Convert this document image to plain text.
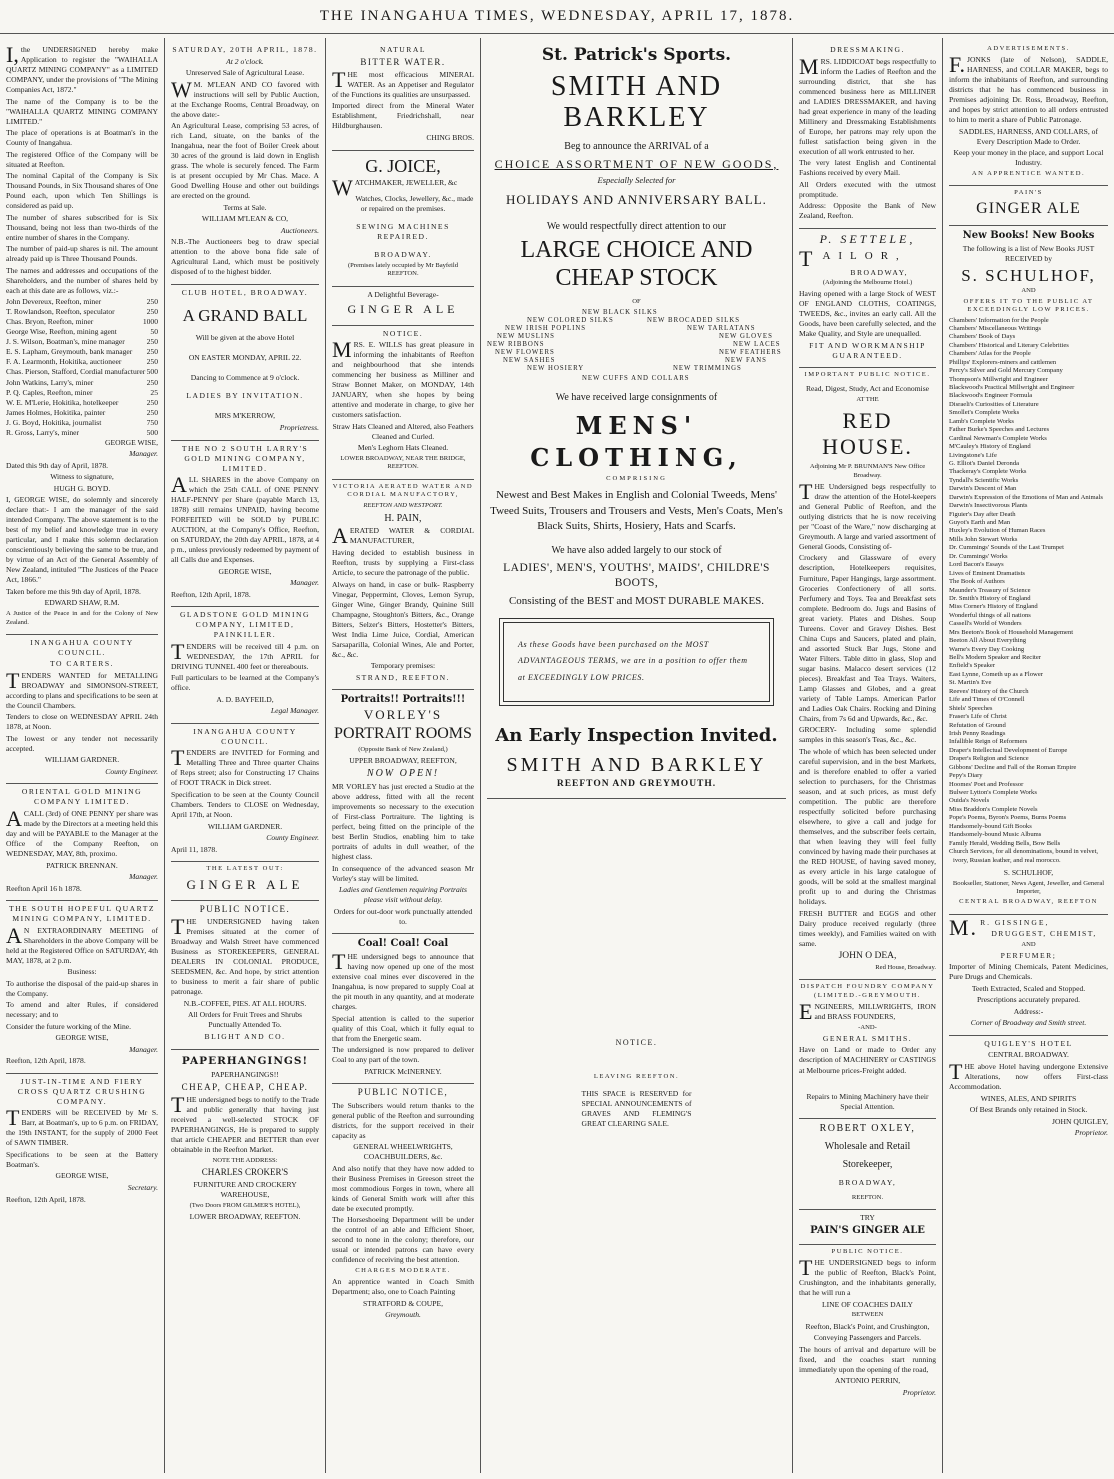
THE INANGAHUA TIMES, WEDNESDAY, APRIL 17, 1878.

I,the UNDERSIGNED hereby make Application to register the "WAIHALLA QUARTZ MINING COMPANY" as a LIMITED COMPANY, under the provisions of "The Mining Companies Act, 1872."

The name of the Company is to be the "WAIHALLA QUARTZ MINING COMPANY LIMITED."

The place of operations is at Boatman's in the County of Inangahua.

The registered Office of the Company will be situated at Reefton.

The nominal Capital of the Company is Six Thousand Pounds, in Six Thousand shares of One Pound each, upon which Ten Shillings is considered as paid up.

The number of shares subscribed for is Six Thousand, being not less than two-thirds of the entire number of shares in the Company.

The number of paid-up shares is nil. The amount already paid up is Three Thousand Pounds.

The names and addresses and occupations of the Shareholders, and the number of shares held by each at this date are as follows, viz.:-

John Devereux, Reefton, miner	250
T. Rowlandson, Reefton, speculator	250
Chas. Bryon, Reefton, miner	1000
George Wise, Reefton, mining agent	50
J. S. Wilson, Boatman's, mine manager	250
E. S. Lapham, Greymouth, bank manager 250
F. A. Learmonth, Hokitika, auctioneer	250
Chas. Pierson, Stafford, Cordial manufacturer 500
John Watkins, Larry's, miner	250
P. Q. Caples, Reefton, miner	25
W. E. M'Lerie, Hokitika, hotelkeeper	250
James Holmes, Hokitika, painter	250
J. G. Boyd, Hokitika, journalist	750
R. Gross, Larry's, miner	500

GEORGE WISE,

Manager.

Dated this 9th day of April, 1878.

Witness to signature,

HUGH G. BOYD.

I, GEORGE WISE, do solemnly and sincerely declare that:- I am the manager of the said intended Company. The above statement is to the best of my belief and knowledge true in every particular, and I make this solemn declaration conscientiously believing the same to be true, and by virtue of an Act of the General Assembly of New Zealand, intituled "The Justices of the Peace Act, 1866."

Taken before me this 9th day of April, 1878.

EDWARD SHAW, R.M.

A Justice of the Peace in and for the Colony of New Zealand.

INANGAHUA COUNTY COUNCIL.

TO CARTERS.

TENDERS WANTED for METALLING BROADWAY and SIMONSON-STREET, according to plans and specifications to be seen at the Council Chambers.

Tenders to close on WEDNESDAY APRIL 24th 1878, at Noon.

The lowest or any tender not necessarily accepted.

WILLIAM GARDNER.

County Engineer.

ORIENTAL GOLD MINING COMPANY LIMITED.

ACALL (3rd) of ONE PENNY per share was made by the Directors at a meeting held this day and will be PAYABLE to the Manager at the Office of the Company Reefton, on WEDNESDAY, MAY, 8th, proximo.

PATRICK BRENNAN.

Manager.

Reefton April 16 h 1878.

THE SOUTH HOPEFUL QUARTZ MINING COMPANY, LIMITED.

AN EXTRAORDINARY MEETING of Shareholders in the above Company will be held at the Registered Office on SATURDAY, 4th MAY, 1878, at 2 p.m.

Business:

To authorise the disposal of the paid-up shares in the Company.

To amend and alter Rules, if considered necessary; and to

Consider the future working of the Mine.

GEORGE WISE,

Manager.

Reefton, 12th April, 1878.

JUST-IN-TIME AND FIERY CROSS QUARTZ CRUSHING COMPANY.

TENDERS will be RECEIVED by Mr S. Barr, at Boatman's, up to 6 p.m. on FRIDAY, the 19th INSTANT, for the supply of 2000 Feet of SAWN TIMBER.

Specifications to be seen at the Battery Boatman's.

GEORGE WISE,

Secretary.

Reefton, 12th April, 1878.

SATURDAY, 20TH APRIL, 1878.

At 2 o'clock.

Unreserved Sale of Agricultural Lease.

WM. M'LEAN AND CO favored with instructions will sell by Public Auction, at the Exchange Rooms, Central Broadway, on the above date:-

An Agricultural Lease, comprising 53 acres, of rich Land, situate, on the banks of the Inangahua, near the foot of Boiler Creek about 30 acres of the ground is laid down in English grass. The whole is securely fenced. The Farm is at present occupied by Mr Chas. Mace. A Good Dwelling House and other out buildings are erected on the ground.

Terms at Sale.

WILLIAM M'LEAN & CO,

Auctioneers.

N.B.-The Auctioneers beg to draw special attention to the above bona fide sale of Agricultural Land, which must be positively disposed of to the highest bidder.

CLUB HOTEL, BROADWAY.

A GRAND BALL

Will be given at the above Hotel

ON EASTER MONDAY, APRIL 22.

Dancing to Commence at 9 o'clock.

LADIES BY INVITATION.

MRS M'KERROW,

Proprietress.

THE NO 2 SOUTH LARRY'S GOLD MINING COMPANY, LIMITED.

ALL SHARES in the above Company on which the 25th CALL of ONE PENNY HALF-PENNY per Share (payable March 13, 1878) still remains UNPAID, having become FORFEITED will be SOLD by PUBLIC AUCTION, at the Company's Office, Reefton, on SATURDAY, the 20th day APRIL, 1878, at 4 p m., unless previously redeemed by payment of all Calls due and Expenses.

GEORGE WISE,

Manager.

Reefton, 12th April, 1878.

GLADSTONE GOLD MINING COMPANY, LIMITED, PAINKILLER.

TENDERS will be received till 4 p.m. on WEDNESDAY, the 17th APRIL for DRIVING TUNNEL 400 feet or thereabouts.

Full particulars to be learned at the Company's office.

A. D. BAYFEILD,

Legal Manager.

INANGAHUA COUNTY COUNCIL.

TENDERS are INVITED for Forming and Metalling Three and Three quarter Chains of Reps street; also for Constructing 17 Chains of FOOT TRACK in Dick street.

Specification to be seen at the County Council Chambers. Tenders to CLOSE on Wednesday, April 17th, at Noon.

WILLIAM GARDNER.

County Engineer.

April 11, 1878.

THE LATEST OUT:

GINGER ALE

PUBLIC NOTICE.

THE UNDERSIGNED having taken Premises situated at the corner of Broadway and Walsh Street have commenced Business as STOREKEEPERS, GENERAL DEALERS IN COLONIAL PRODUCE, SEEDSMEN, &c. And hope, by strict attention to business to merit a fair share of public patronage.

N.B.-COFFEE, PIES. AT ALL HOURS.

All Orders for Fruit Trees and Shrubs Punctually Attended To.

BLIGHT AND CO.

PAPERHANGINGS!

PAPERHANGINGS!!

CHEAP, CHEAP, CHEAP.

THE undersigned begs to notify to the Trade and public generally that having just received a well-selected STOCK OF PAPERHANGINGS, He is prepared to supply that article CHEAPER and BETTER than ever obtainable in the Reefton Market.

NOTE THE ADDRESS:

CHARLES CROKER'S

FURNITURE AND CROCKERY WAREHOUSE,

(Two Doors FROM GILMER'S HOTEL),

LOWER BROADWAY, REEFTON.

NATURAL

BITTER WATER.

THE most efficacious MINERAL WATER. As an Appetiser and Regulator of the Functions its qualities are unsurpassed.

Imported direct from the Mineral Water Establishment, Friedrichshall, near Hildburghausen.

CHING BROS.

G. JOICE,

WATCHMAKER, JEWELLER, &c

Watches, Clocks, Jewellery, &c., made or repaired on the premises.

SEWING MACHINES REPAIRED.

BROADWAY.

(Premises lately occupied by Mr Bayfeild REEFTON.

A Delightful Beverage-

GINGER ALE

NOTICE.

MRS. E. WILLS has great pleasure in informing the inhabitants of Reefton and neighbourhood that she intends commencing her business as Milliner and Straw Bonnet Maker, on MONDAY, 14th JANUARY, when she hopes by being attentive and moderate in charge, to give her customers satisfaction.

Straw Hats Cleaned and Altered, also Feathers Cleaned and Curled.

Men's Leghorn Hats Cleaned.

LOWER BROADWAY, NEAR THE BRIDGE, REEFTON.

VICTORIA AERATED WATER AND CORDIAL MANUFACTORY,

REEFTON AND WESTPORT.

H. PAIN,

AERATED WATER & CORDIAL MANUFACTURER,

Having decided to establish business in Reefton, trusts by supplying a First-class Article, to secure the patronage of the public.

Always on hand, in case or bulk- Raspberry Vinegar, Peppermint, Cloves, Lemon Syrup, Ginger Wine, Ginger Brandy, Quinine Still Champagne, Stoughton's Bitters, &c., Orange Bitters, Selzer's Bitters, Hostetter's Bitters, West India Lime Juice, Cordial, American Sarsaparilla, Colonial Wines, Ale and Porter, &c., &c.

Temporary premises:

STRAND, REEFTON.

Portraits!! Portraits!!!

VORLEY'S
PORTRAIT ROOMS

(Opposite Bank of New Zealand,)

UPPER BROADWAY, REEFTON,

NOW OPEN!

MR VORLEY has just erected a Studio at the above address, fitted with all the recent improvements so necessary to the execution of First-class Portraiture. The lighting is perfect, being fitted on the principle of the best Berlin Studios, enabling him to take portraits of adults in dull weather, of the highest class.

In consequence of the advanced season Mr Vorley's stay will be limited.

Ladies and Gentlemen requiring Portraits please visit without delay.

Orders for out-door work punctually attended to.

Coal! Coal! Coal

THE undersigned begs to announce that having now opened up one of the most extensive coal mines ever discovered in the Inangahua, is now prepared to supply Coal at the pit mouth in any quantity, and at moderate charges.

Special attention is called to the superior quality of this Coal, which it fully equal to that from the Energetic seam.

The undersigned is now prepared to deliver Coal to any part of the town.

PATRICK McINERNEY.

PUBLIC NOTICE,

The Subscribers would return thanks to the general public of the Reefton and surrounding districts, for the support received in their capacity as

GENERAL WHEELWRIGHTS, COACHBUILDERS, &c.

And also notify that they have now added to their Business Premises in Greeson street the most commodious Forges in town, where all kinds of General Smith work will after this date be executed promptly.

The Horseshoeing Department will be under the control of an able and Efficient Shoer, second to none in the colony; therefore, our usual or intended patrons can have every confidence of receiving the best attention.

CHARGES MODERATE.

An apprentice wanted in Coach Smith Department; also, one to Coach Painting

STRATFORD & COUPE,

Greymouth.

St. Patrick's Sports.
SMITH AND BARKLEY

Beg to announce the ARRIVAL of a

CHOICE ASSORTMENT OF NEW GOODS,

Especially Selected for

HOLIDAYS AND ANNIVERSARY BALL.

We would respectfully direct attention to our

LARGE CHOICE AND CHEAP STOCK

OF

NEW BLACK SILKS
NEW COLORED SILKS	NEW BROCADED SILKS
NEW IRISH POPLINS	NEW TARLATANS
NEW MUSLINS	NEW GLOVES
NEW RIBBONS	NEW LACES
NEW FLOWERS	NEW FEATHERS
NEW SASHES	NEW FANS
NEW HOSIERY	NEW TRIMMINGS
NEW CUFFS AND COLLARS

We have received large consignments of

MENS' CLOTHING,

COMPRISING

Newest and Best Makes in English and Colonial Tweeds, Mens' Tweed Suits, Trousers and Trousers and Vests, Men's Coats, Men's Black Suits, Shirts, Hosiery, Hats and Scarfs.

We have also added largely to our stock of

LADIES', MEN'S, YOUTHS', MAIDS', CHILDRE'S BOOTS,

Consisting of the BEST and MOST DURABLE MAKES.

As these Goods have been purchased on the MOST ADVANTAGEOUS TERMS, we are in a position to offer them at EXCEEDINGLY LOW PRICES.
An Early Inspection Invited.
SMITH AND BARKLEY

REEFTON AND GREYMOUTH.

NOTICE.

LEAVING REEFTON.

THIS SPACE is RESERVED for SPECIAL ANNOUNCEMENTS of GRAVES AND FLEMING'S GREAT CLEARING SALE.

DRESSMAKING.

MRS. LIDDICOAT begs respectfully to inform the Ladies of Reefton and the surrounding district, that she has commenced business here as MILLINER and LADIES DRESSMAKER, and having had great experience in many of the leading Millinery and Dressmaking Establishments of Europe, her patrons may rely upon the fullest satisfaction being given in the execution of all work entrusted to her.

The very latest English and Continental Fashions received by every Mail.

All Orders executed with the utmost promptitude.

Address: Opposite the Bank of New Zealand, Reefton.

P. SETTELE,

TAILOR,

BROADWAY,

(Adjoining the Melbourne Hotel.)

Having opened with a large Stock of WEST OF ENGLAND CLOTHS, COATINGS, TWEEDS, &c., invites an early call. All the Goods, have been carefully selected, and the Make Quality, and Style are unequalled.

FIT AND WORKMANSHIP GUARANTEED.

IMPORTANT PUBLIC NOTICE.

Read, Digest, Study, Act and Economise

AT THE

RED HOUSE.

Adjoining Mr P. BRUNMAN'S New Office Broadway.

THE Undersigned begs respectfully to draw the attention of the Hotel-keepers and General Public of Reefton, and the outlying districts that he is now receiving per "Coast of the Ware," now discharging at Greymouth. A large and varied assortment of General Goods, Consisting of-

Crockery and Glassware of every description, Hotelkeepers requisites, Furniture, Paper Hangings, large assortment. Groceries Confectionery of all sorts. Perfumery and Toys. Tea and Breakfast sets complete. Bedroom do. Jugs and Basins of great variety. Plates and Dishes. Soup Tureens. Cover and Gravey Dishes. Best China Cups and Saucers, plated and plain, and assorted Stuck Bar Jugs, Stone and Water Filters. Table ditto in glass, Slop and sugar basins. Malacco desert services (12 pieces). Breakfast and Tea Trays. Waiters, Lamp Glasses and Globes, and a great variety of Table Lamps. American Parlor and Ladies Oak Chairs. Rocking and Dining Chairs, from 7s 6d and Upwards, &c., &c.

GROCERY- Including some splendid samples in this season's Teas, &c., &c.

The whole of which has been selected under careful supervision, and in the best Markets, and is therefore enabled to offer a varied selection to purchasers, for the Christmas season, and at such prices, as must defy competition. The public are therefore respectfully solicited before purchasing elsewhere, to give a call and judge for themselves, and the subscriber feels certain, that when leaving they will feel fully convinced by having made their purchases at the RED HOUSE, of having saved money, as every article in his large catalogue of goods, will be sold at the smallest marginal profit up to and during the Christmas holidays.

FRESH BUTTER and EGGS and other Dairy produce received regularly (three times weekly), and Families waited on with same.

JOHN O DEA,

Red House, Broadway.

DISPATCH FOUNDRY COMPANY (LIMITED.-GREYMOUTH.

ENGINEERS, MILLWRIGHTS, IRON and BRASS FOUNDERS,

-AND-

GENERAL SMITHS.

Have on Land or made to Order any description of MACHINERY or CASTINGS at Melbourne prices-Freight added.

Repairs to Mining Machinery have their Special Attention.

ROBERT OXLEY,

Wholesale and Retail

Storekeeper,

BROADWAY,

REEFTON.

TRY

PAIN'S GINGER ALE

PUBLIC NOTICE.

THE UNDERSIGNED begs to inform the public of Reefton, Black's Point, Crushington, and the inhabitants generally, that he will run a

LINE OF COACHES DAILY

BETWEEN

Reefton, Black's Point, and Crushington,

Conveying Passengers and Parcels.

The hours of arrival and departure will be fixed, and the coaches start running immediately upon the opening of the road,

ANTONIO PERRIN,

Proprietor.

ADVERTISEMENTS.

F.JONKS (late of Nelson), SADDLE, HARNESS, and COLLAR MAKER, begs to inform the inhabitants of Reefton, and surrounding districts that he has commenced business in Premises adjoining Dr. Ross, Broadway, Reefton, and hopes by strict attention to all orders entrusted to him to merit a share of Public Patronage.

SADDLES, HARNESS, AND COLLARS, of Every Description Made to Order.

Keep your money in the place, and support Local Industry.

AN APPRENTICE WANTED.

PAIN'S

GINGER ALE

New Books! New Books

The following is a list of New Books JUST RECEIVED by

S. SCHULHOF,

AND

OFFERS IT TO THE PUBLIC AT EXCEEDINGLY LOW PRICES.

Chambers' Information for the People
Chambers' Miscellaneous Writings
Chambers' Book of Days
Chambers' Historical and Literary Celebrities
Chambers' Atlas for the People
Phillips' Explorers-miners and cattlemen
Percy's Silver and Gold Mercury Company
Thompson's Millwright and Engineer
Blackwood's Practical Millwright and Engineer
Blackwood's Engineer Formula
Disraeli's Curiosities of Literature
Smollet's Complete Works
Lamb's Complete Works
Father Burke's Speeches and Lectures
Cardinal Newman's Complete Works
M'Cauley's History of England
Livingstone's Life
G. Elliot's Daniel Deronda
Thackeray's Complete Works
Tyndall's Scientific Works
Darwin's Descent of Man
Darwin's Expression of the Emotions of Man and Animals
Darwin's Insectivorous Plants
Figuier's Day after Death
Guyot's Earth and Man
Huxley's Evolution of Human Races
Mills John Stewart Works
Dr. Cummings' Sounds of the Last Trumpet
Dr. Cummings' Works
Lord Bacon's Essays
Lives of Eminent Dramatists
The Book of Authors
Maunder's Treasury of Science
Dr. Smith's History of England
Miss Corner's History of England
Wonderful things of all nations
Cassell's World of Wonders
Mrs Beeton's Book of Household Management
Beeton All About Everything
Warne's Every Day Cooking
Bell's Modern Speaker and Reciter
Enfield's Speaker
East Lynne, Cometh up as a Flower
St. Martin's Eve
Reeves' History of the Church
Life and Times of O'Connell
Shiels' Speeches
Fraser's Life of Christ
Refutation of Ground
Irish Penny Readings
Infallible Reign of Reformers
Draper's Intellectual Development of Europe
Draper's Religion and Science
Gibbons' Decline and Fall of the Roman Empire
Pepy's Diary
Hoomes' Poet and Professor
Bulwer Lytton's Complete Works
Ouida's Novels
Miss Braddon's Complete Novels
Pope's Poems, Byron's Poems, Burns Poems
Handsomely-bound Gift Books
Handsomely-bound Music Albums
Family Herald, Wedding Bells, Bow Bells
Church Services, for all denominations, bound in velvet, ivory, Russian leather, and real morocco.

S. SCHULHOF,

Bookseller, Stationer, News Agent, Jeweller, and General Importer,

CENTRAL BROADWAY, REEFTON

M.R. GISSINGE,

DRUGGEST, CHEMIST,

AND

PERFUMER;

Importer of Mining Chemicals, Patent Medicines, Pure Drugs and Chemicals.

Teeth Extracted, Scaled and Stopped.

Prescriptions accurately prepared.

Address:-

Corner of Broadway and Smith street.

QUIGLEY'S HOTEL

CENTRAL BROADWAY.

THE above Hotel having undergone Extensive Alterations, now offers First-class Accommodation.

WINES, ALES, AND SPIRITS

Of Best Brands only retained in Stock.

JOHN QUIGLEY,

Proprietor.
